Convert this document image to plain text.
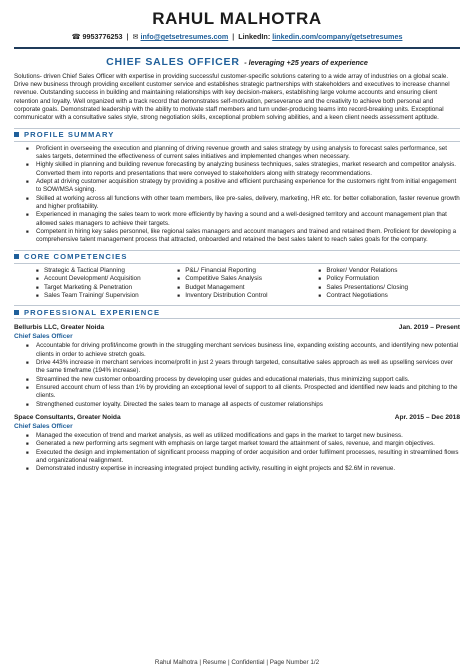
RAHUL MALHOTRA
☎ 9953776253 | ✉ info@getsetresumes.com | LinkedIn: linkedin.com/company/getsetresumes
CHIEF SALES OFFICER - leveraging +25 years of experience
Solutions- driven Chief Sales Officer with expertise in providing successful customer-specific solutions catering to a wide array of industries on a global scale. Drive new business through providing excellent customer service and establishes strategic partnerships with stakeholders and executives to increase channel revenue. Outstanding success in building and maintaining relationships with key decision-makers, establishing large volume accounts and ensuring client retention and loyalty. Well organized with a track record that demonstrates self-motivation, perseverance and the creativity to achieve both personal and corporate goals. Demonstrated leadership with the ability to motivate staff members and turn under-producing teams into record-breaking units. Exceptional communicator with a consultative sales style, strong negotiation skills, exceptional problem solving abilities, and a keen client needs assessment aptitude.
PROFILE SUMMARY
■ Proficient in overseeing the execution and planning of driving revenue growth and sales strategy by using analysis to forecast sales performance, set sales targets, determined the effectiveness of current sales initiatives and implemented changes when necessary.
■ Highly skilled in planning and building revenue forecasting by analyzing business techniques, sales strategies, market research and competitor analysis. Converted them into reports and presentations that were conveyed to stakeholders along with strategy recommendations.
■ Adept at driving customer acquisition strategy by providing a positive and efficient purchasing experience for the customers right from initial engagement to SOW/MSA signing.
■ Skilled at working across all functions with other team members, like pre-sales, delivery, marketing, HR etc. for better collaboration, faster revenue growth and higher profitability.
■ Experienced in managing the sales team to work more efficiently by having a sound and a well-designed territory and account management plan that allowed sales managers to achieve their targets.
■ Competent in hiring key sales personnel, like regional sales managers and account managers and trained and retained them. Proficient for developing a comprehensive talent management process that attracted, onboarded and retained the best sales talent to reach sales goals for the company.
CORE COMPETENCIES
■ Strategic & Tactical Planning
■ Account Development/ Acquisition
■ Target Marketing & Penetration
■ Sales Team Training/ Supervision
■ P&L/ Financial Reporting
■ Competitive Sales Analysis
■ Budget Management
■ Inventory Distribution Control
■ Broker/ Vendor Relations
■ Policy Formulation
■ Sales Presentations/ Closing
■ Contract Negotiations
PROFESSIONAL EXPERIENCE
Bellurbis LLC, Greater Noida	Jan. 2019 – Present
Chief Sales Officer
■ Accountable for driving profit/income growth in the struggling merchant services business line, expanding existing accounts, and identifying new potential clients in order to achieve stretch goals.
■ Drive 443% increase in merchant services income/profit in just 2 years through targeted, consultative sales approach as well as upselling services over the same timeframe (194% increase).
■ Streamlined the new customer onboarding process by developing user guides and educational materials, thus minimizing support calls.
■ Ensured account churn of less than 1% by providing an exceptional level of support to all clients. Prospected and identified new leads and pitching to the clients.
■ Strengthened customer loyalty. Directed the sales team to manage all aspects of customer relationships
Space Consultants, Greater Noida	Apr. 2015 – Dec 2018
Chief Sales Officer
■ Managed the execution of trend and market analysis, as well as utilized modifications and gaps in the market to target new business.
■ Generated a new performing arts segment with emphasis on large target market toward the attainment of sales, revenue, and margin objectives.
■ Executed the design and implementation of significant process mapping of order acquisition and order fulfilment processes, resulting in streamlined flows and organizational realignment.
■ Demonstrated industry expertise in increasing integrated project bundling activity, resulting in eight projects and $2.6M in revenue.
Rahul Malhotra | Resume | Confidential | Page Number 1/2
